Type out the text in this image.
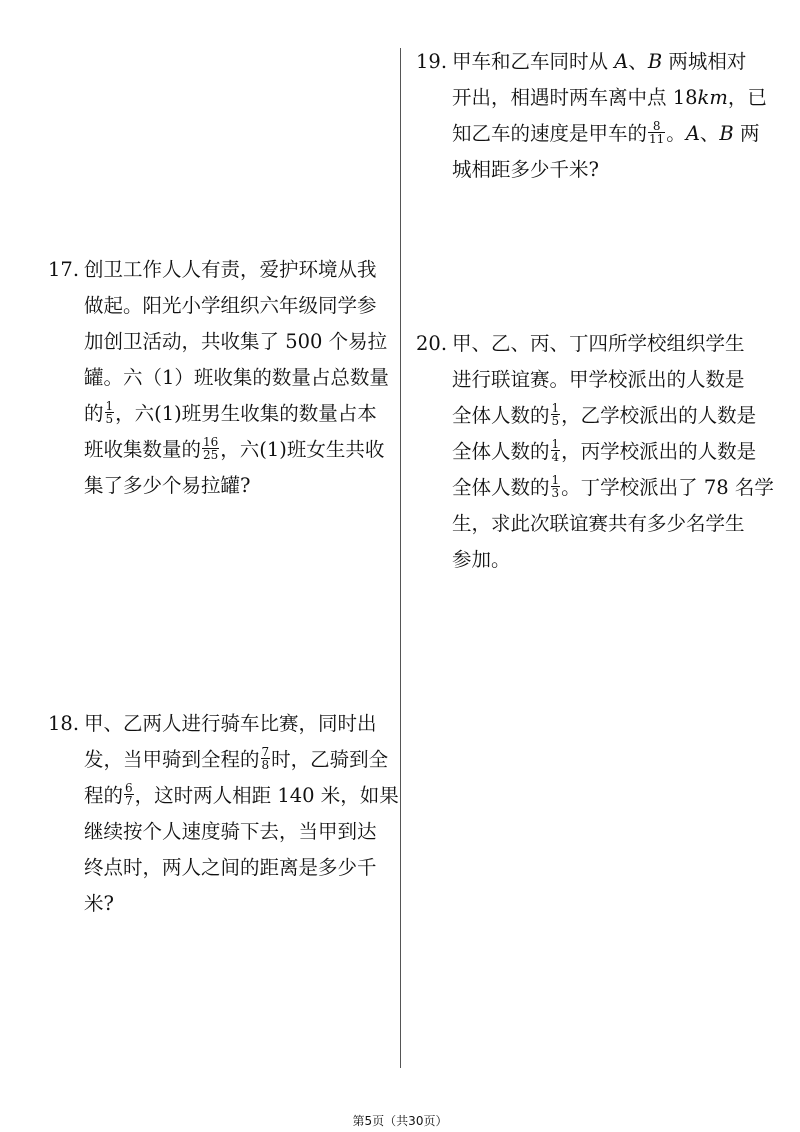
17. 创卫工作人人有责，爱护环境从我
做起。阳光小学组织六年级同学参
加创卫活动，共收集了 500 个易拉
罐。六（1）班收集的数量占总数量
的 $\frac{1}{5}$ ，六(1)班男生收集的数量占本
班收集数量的 $\frac{16}{25}$ ，六(1)班女生共收
集了多少个易拉罐?
18. 甲、乙两人进行骑车比赛，同时出
发，当甲骑到全程的 $\frac{7}{8}$ 时，乙骑到全
程的 $\frac{6}{7}$ ，这时两人相距 140 米，如果
继续按个人速度骑下去，当甲到达
终点时，两人之间的距离是多少千
米?
19. 甲车和乙车同时从 A、B 两城相对
开出，相遇时两车离中点 18km，已
知乙车的速度是甲车的 $\frac{8}{11}$ 。A、B 两
城相距多少千米?
20. 甲、乙、丙、丁四所学校组织学生
进行联谊赛。甲学校派出的人数是
全体人数的 $\frac{1}{5}$ ，乙学校派出的人数是
全体人数的 $\frac{1}{4}$ ，丙学校派出的人数是
全体人数的 $\frac{1}{3}$ 。丁学校派出了 78 名学
生，求此次联谊赛共有多少名学生
参加。
第5页（共30页）
